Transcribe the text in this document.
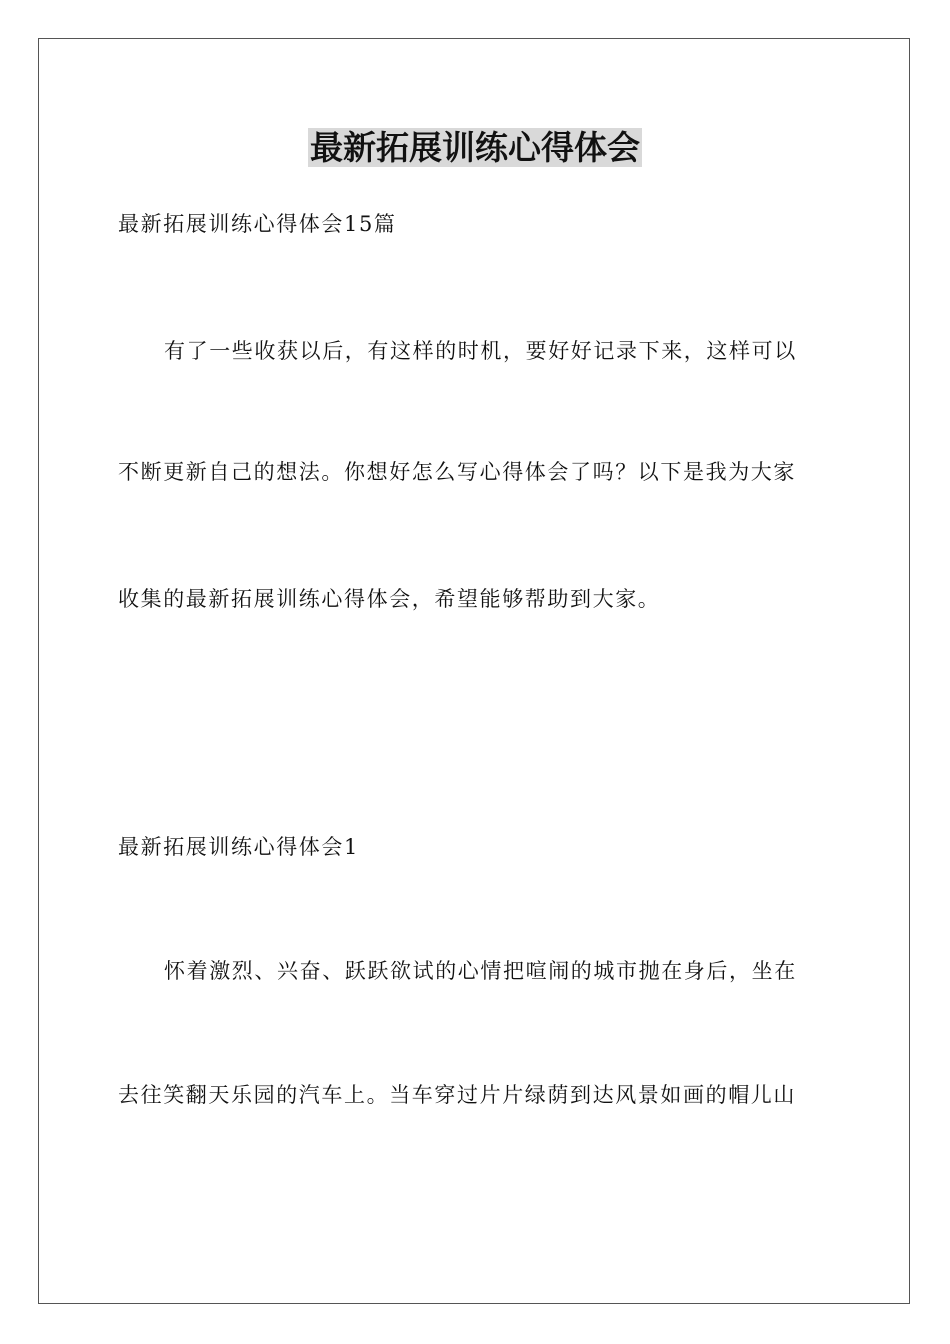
最新拓展训练心得体会
最新拓展训练心得体会15篇
有了一些收获以后，有这样的时机，要好好记录下来，这样可以
不断更新自己的想法。你想好怎么写心得体会了吗？以下是我为大家
收集的最新拓展训练心得体会，希望能够帮助到大家。
最新拓展训练心得体会1
怀着激烈、兴奋、跃跃欲试的心情把喧闹的城市抛在身后，坐在
去往笑翻天乐园的汽车上。当车穿过片片绿荫到达风景如画的帽儿山
